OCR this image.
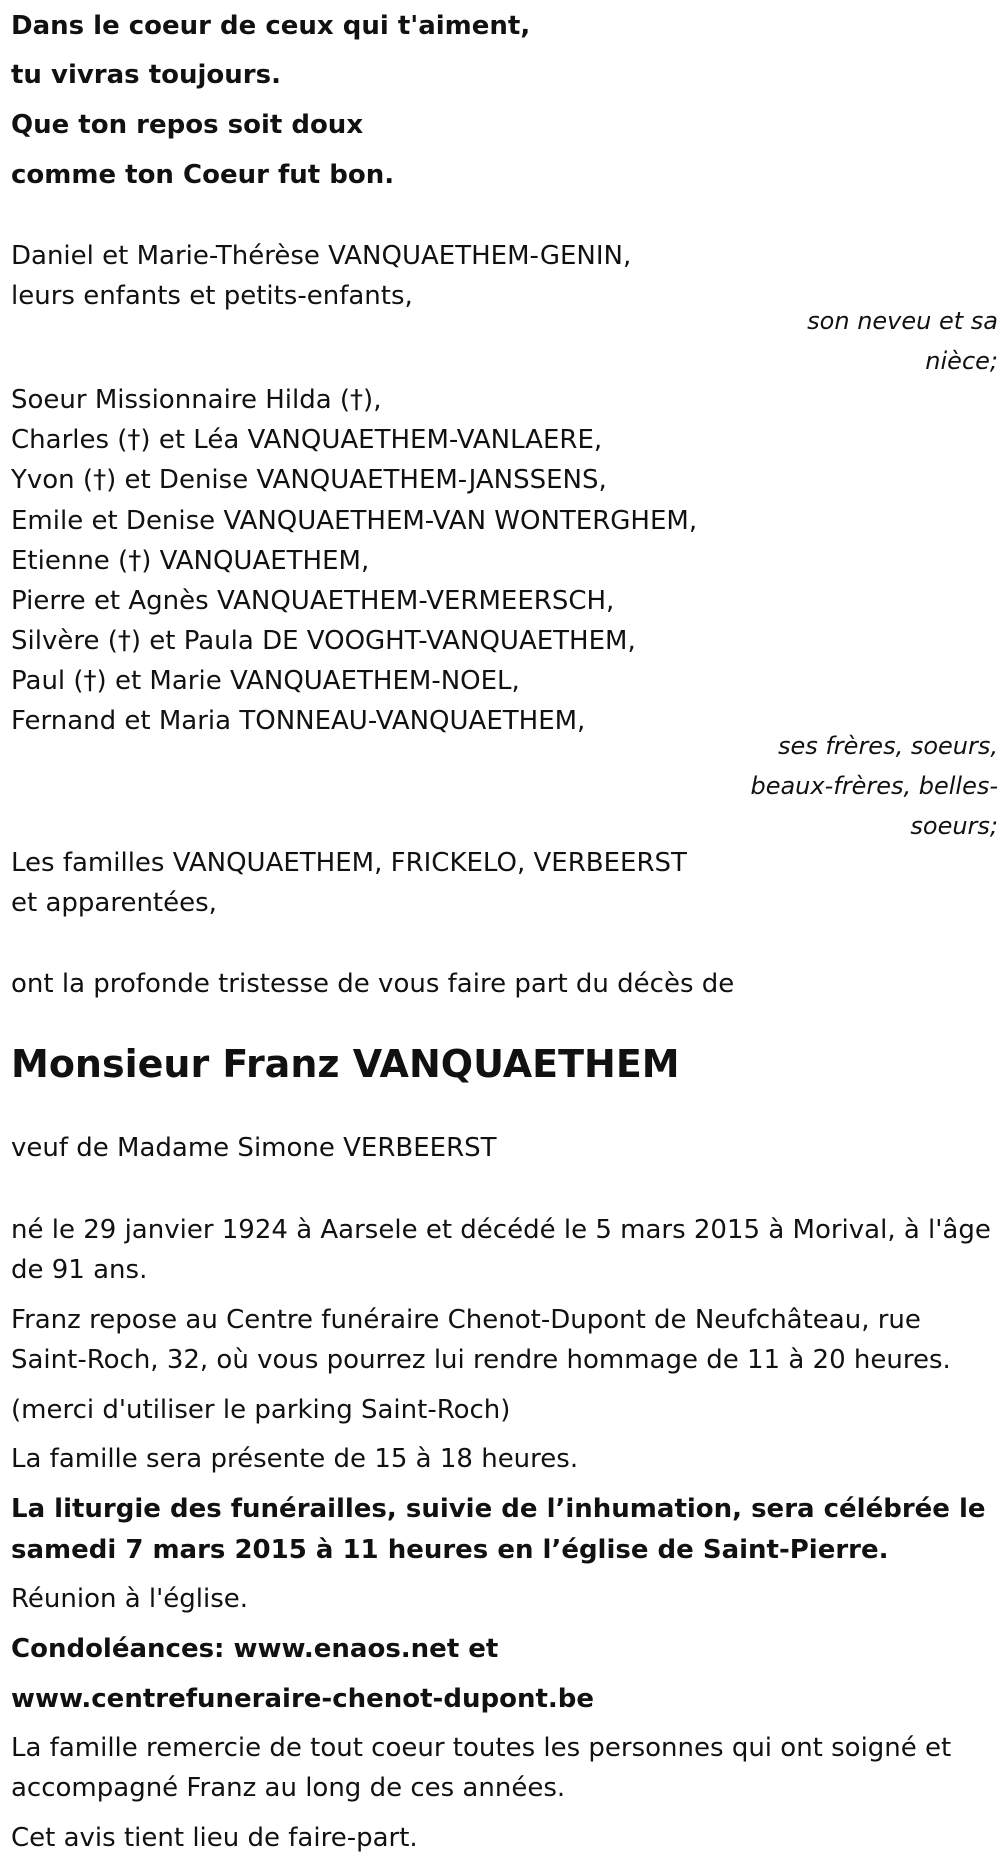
Dans le coeur de ceux qui t'aiment,
tu vivras toujours.
Que ton repos soit doux
comme ton Coeur fut bon.
Daniel et Marie-Thérèse VANQUAETHEM-GENIN,
leurs enfants et petits-enfants,
son neveu et sa
nièce;
Soeur Missionnaire Hilda (†),
Charles (†) et Léa VANQUAETHEM-VANLAERE,
Yvon (†) et Denise VANQUAETHEM-JANSSENS,
Emile et Denise VANQUAETHEM-VAN WONTERGHEM,
Etienne (†) VANQUAETHEM,
Pierre et Agnès VANQUAETHEM-VERMEERSCH,
Silvère (†) et Paula DE VOOGHT-VANQUAETHEM,
Paul (†) et Marie VANQUAETHEM-NOEL,
Fernand et Maria TONNEAU-VANQUAETHEM,
ses frères, soeurs,
beaux-frères, belles-
soeurs;
Les familles VANQUAETHEM, FRICKELO, VERBEERST
et apparentées,
ont la profonde tristesse de vous faire part du décès de
Monsieur Franz VANQUAETHEM
veuf de Madame Simone VERBEERST
né le 29 janvier 1924 à Aarsele et décédé le 5 mars 2015 à Morival, à l'âge
de 91 ans.
Franz repose au Centre funéraire Chenot-Dupont de Neufchâteau, rue
Saint-Roch, 32, où vous pourrez lui rendre hommage de 11 à 20 heures.
(merci d'utiliser le parking Saint-Roch)
La famille sera présente de 15 à 18 heures.
La liturgie des funérailles, suivie de l’inhumation, sera célébrée le
samedi 7 mars 2015 à 11 heures en l’église de Saint-Pierre.
Réunion à l'église.
Condoléances: www.enaos.net et
www.centrefuneraire-chenot-dupont.be
La famille remercie de tout coeur toutes les personnes qui ont soigné et
accompagné Franz au long de ces années.
Cet avis tient lieu de faire-part.
